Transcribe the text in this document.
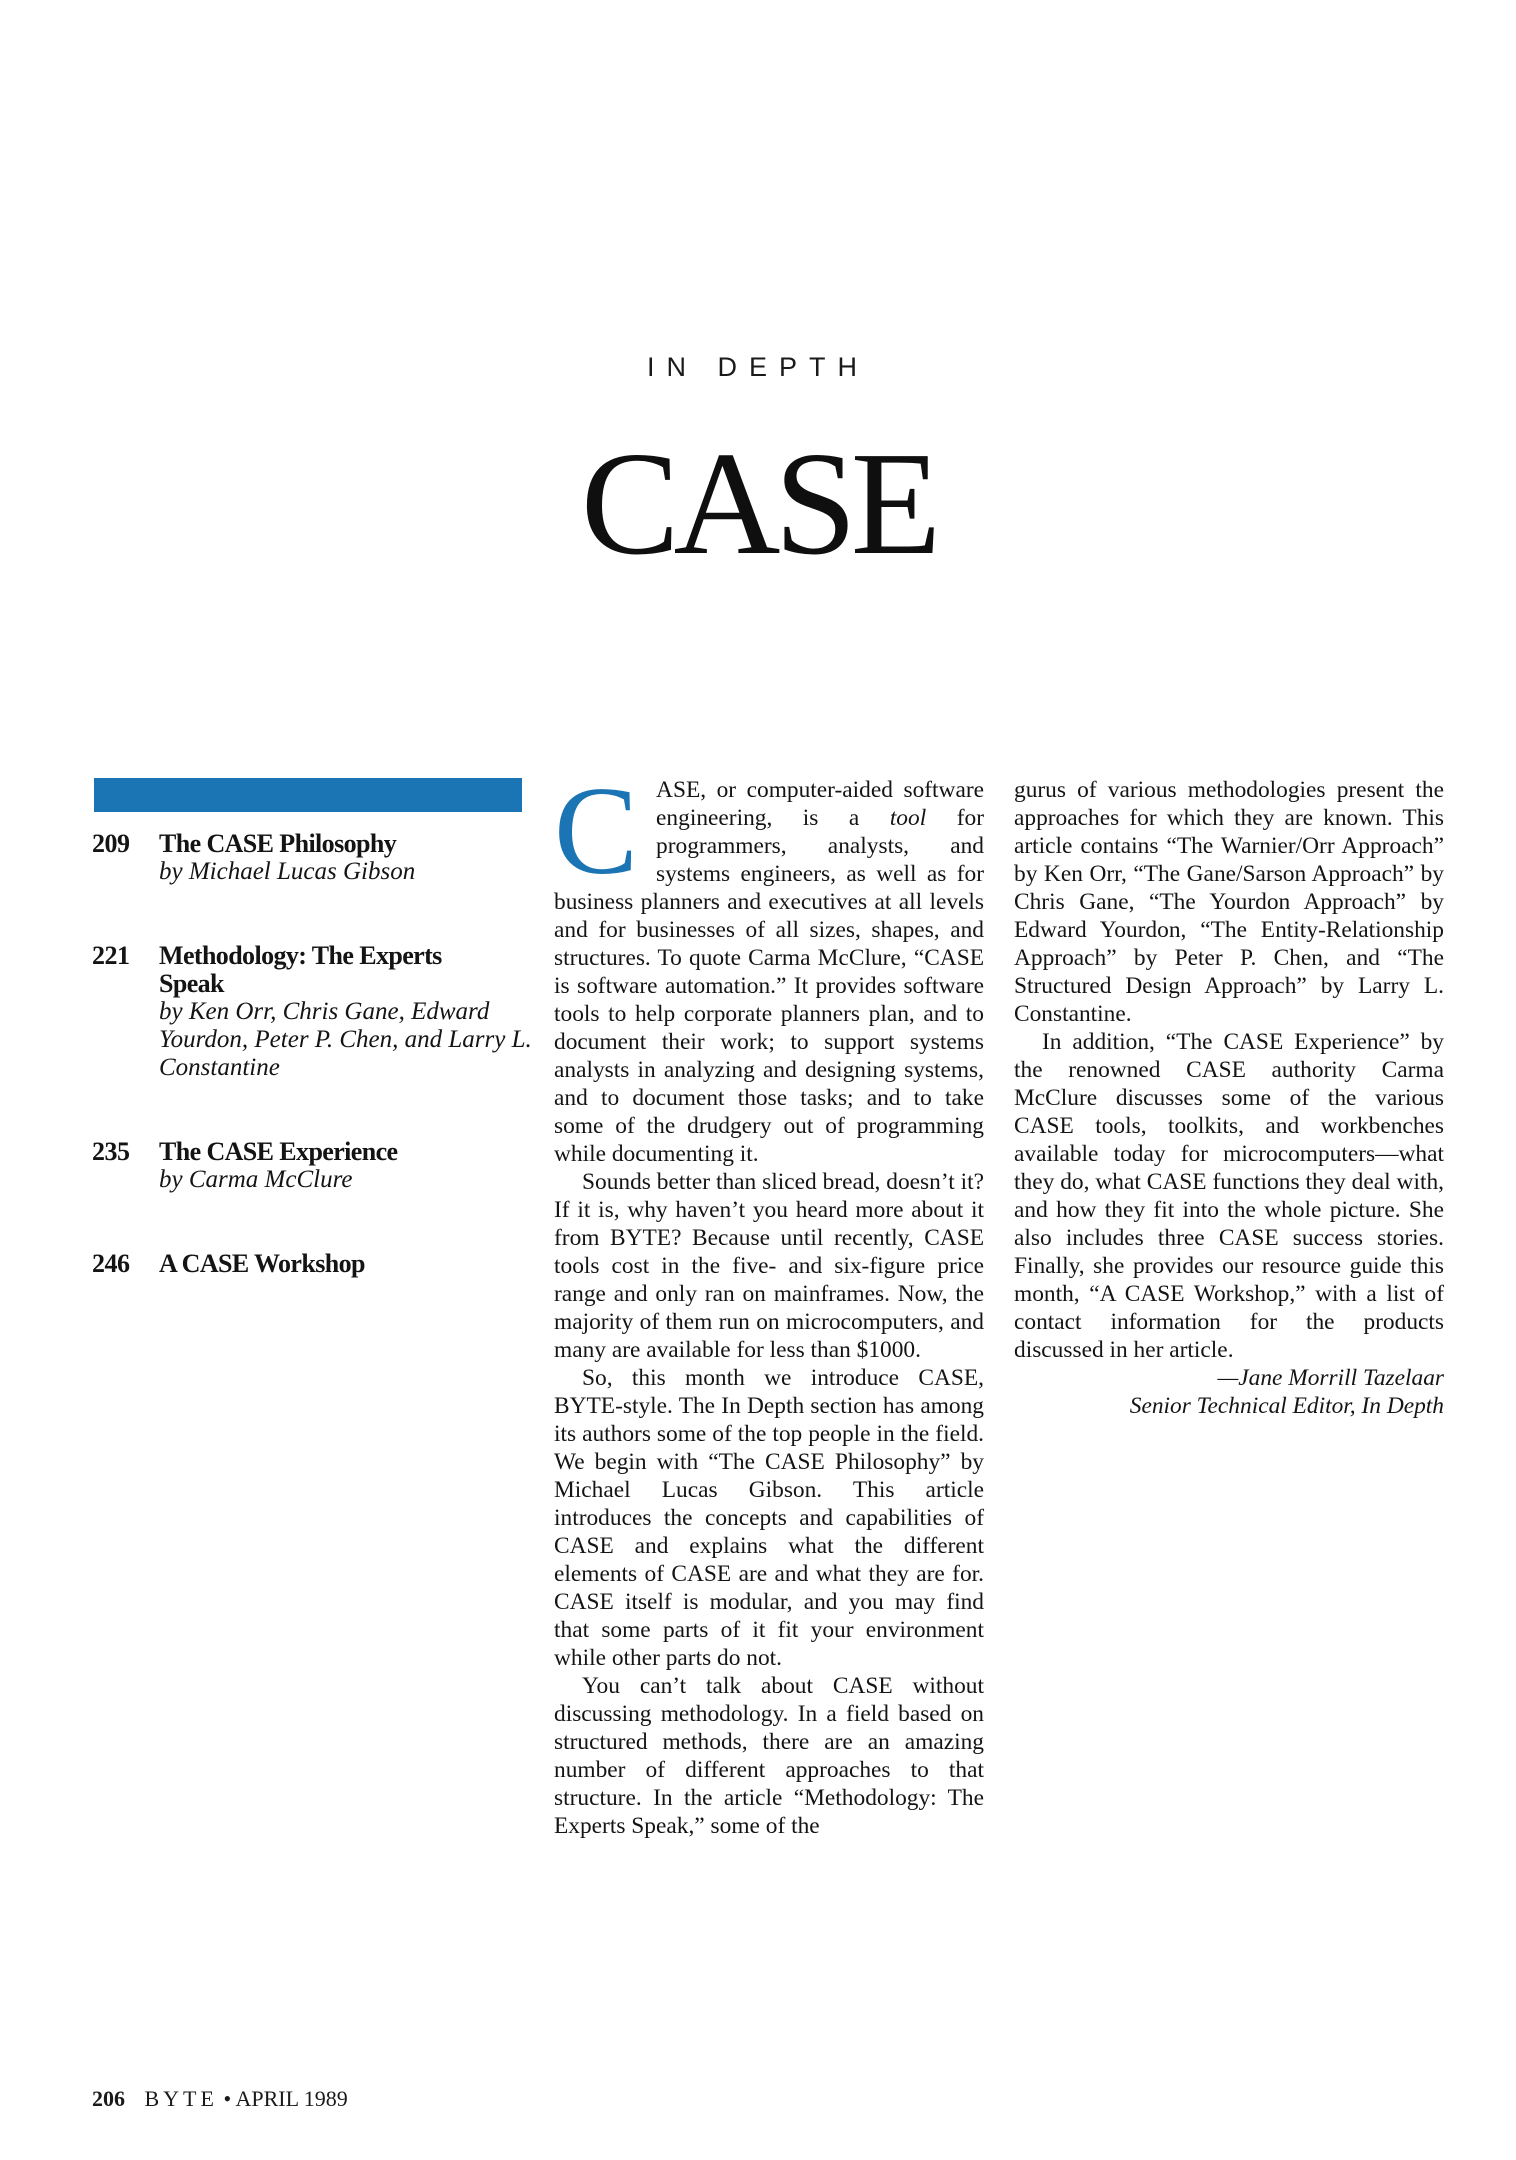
IN DEPTH
CASE
209 The CASE Philosophy
by Michael Lucas Gibson
221 Methodology: The Experts Speak
by Ken Orr, Chris Gane, Edward Yourdon, Peter P. Chen, and Larry L. Constantine
235 The CASE Experience
by Carma McClure
246 A CASE Workshop

CASE, or computer-aided software engineering, is a tool for programmers, analysts, and systems engineers, as well as for business planners and executives at all levels and for businesses of all sizes, shapes, and structures. To quote Carma McClure, “CASE is software automation.” It provides software tools to help corporate planners plan, and to document their work; to support systems analysts in analyzing and designing systems, and to document those tasks; and to take some of the drudgery out of programming while documenting it.

Sounds better than sliced bread, doesn’t it? If it is, why haven’t you heard more about it from BYTE? Because until recently, CASE tools cost in the five- and six-figure price range and only ran on mainframes. Now, the majority of them run on microcomputers, and many are available for less than $1000.

So, this month we introduce CASE, BYTE-style. The In Depth section has among its authors some of the top people in the field. We begin with “The CASE Philosophy” by Michael Lucas Gibson. This article introduces the concepts and capabilities of CASE and explains what the different elements of CASE are and what they are for. CASE itself is modular, and you may find that some parts of it fit your environment while other parts do not.

You can’t talk about CASE without discussing methodology. In a field based on structured methods, there are an amazing number of different approaches to that structure. In the article “Methodology: The Experts Speak,” some of the

gurus of various methodologies present the approaches for which they are known. This article contains “The Warnier/Orr Approach” by Ken Orr, “The Gane/Sarson Approach” by Chris Gane, “The Yourdon Approach” by Edward Yourdon, “The Entity-Relationship Approach” by Peter P. Chen, and “The Structured Design Approach” by Larry L. Constantine.

In addition, “The CASE Experience” by the renowned CASE authority Carma McClure discusses some of the various CASE tools, toolkits, and workbenches available today for microcomputers—what they do, what CASE functions they deal with, and how they fit into the whole picture. She also includes three CASE success stories. Finally, she provides our resource guide this month, “A CASE Workshop,” with a list of contact information for the products discussed in her article.

—Jane Morrill Tazelaar
Senior Technical Editor, In Depth
206 BYTE • APRIL 1989
